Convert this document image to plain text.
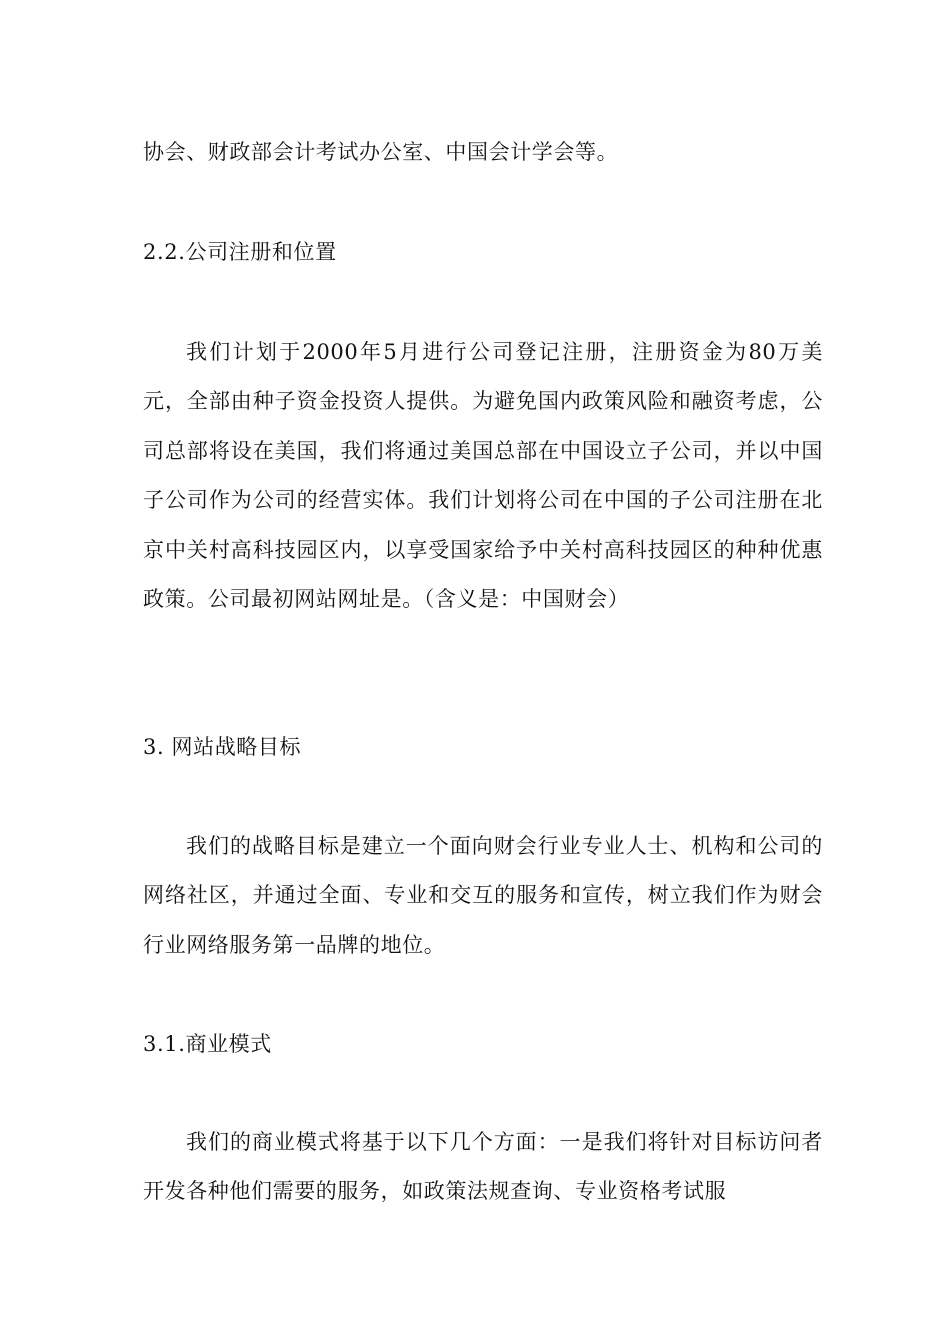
协会、财政部会计考试办公室、中国会计学会等。
2.2.公司注册和位置
我们计划于2000年5月进行公司登记注册，注册资金为80万美元，全部由种子资金投资人提供。为避免国内政策风险和融资考虑，公司总部将设在美国，我们将通过美国总部在中国设立子公司，并以中国子公司作为公司的经营实体。我们计划将公司在中国的子公司注册在北京中关村高科技园区内，以享受国家给予中关村高科技园区的种种优惠政策。公司最初网站网址是。（含义是：中国财会）
3. 网站战略目标
我们的战略目标是建立一个面向财会行业专业人士、机构和公司的网络社区，并通过全面、专业和交互的服务和宣传，树立我们作为财会行业网络服务第一品牌的地位。
3.1.商业模式
我们的商业模式将基于以下几个方面：一是我们将针对目标访问者开发各种他们需要的服务，如政策法规查询、专业资格考试服
